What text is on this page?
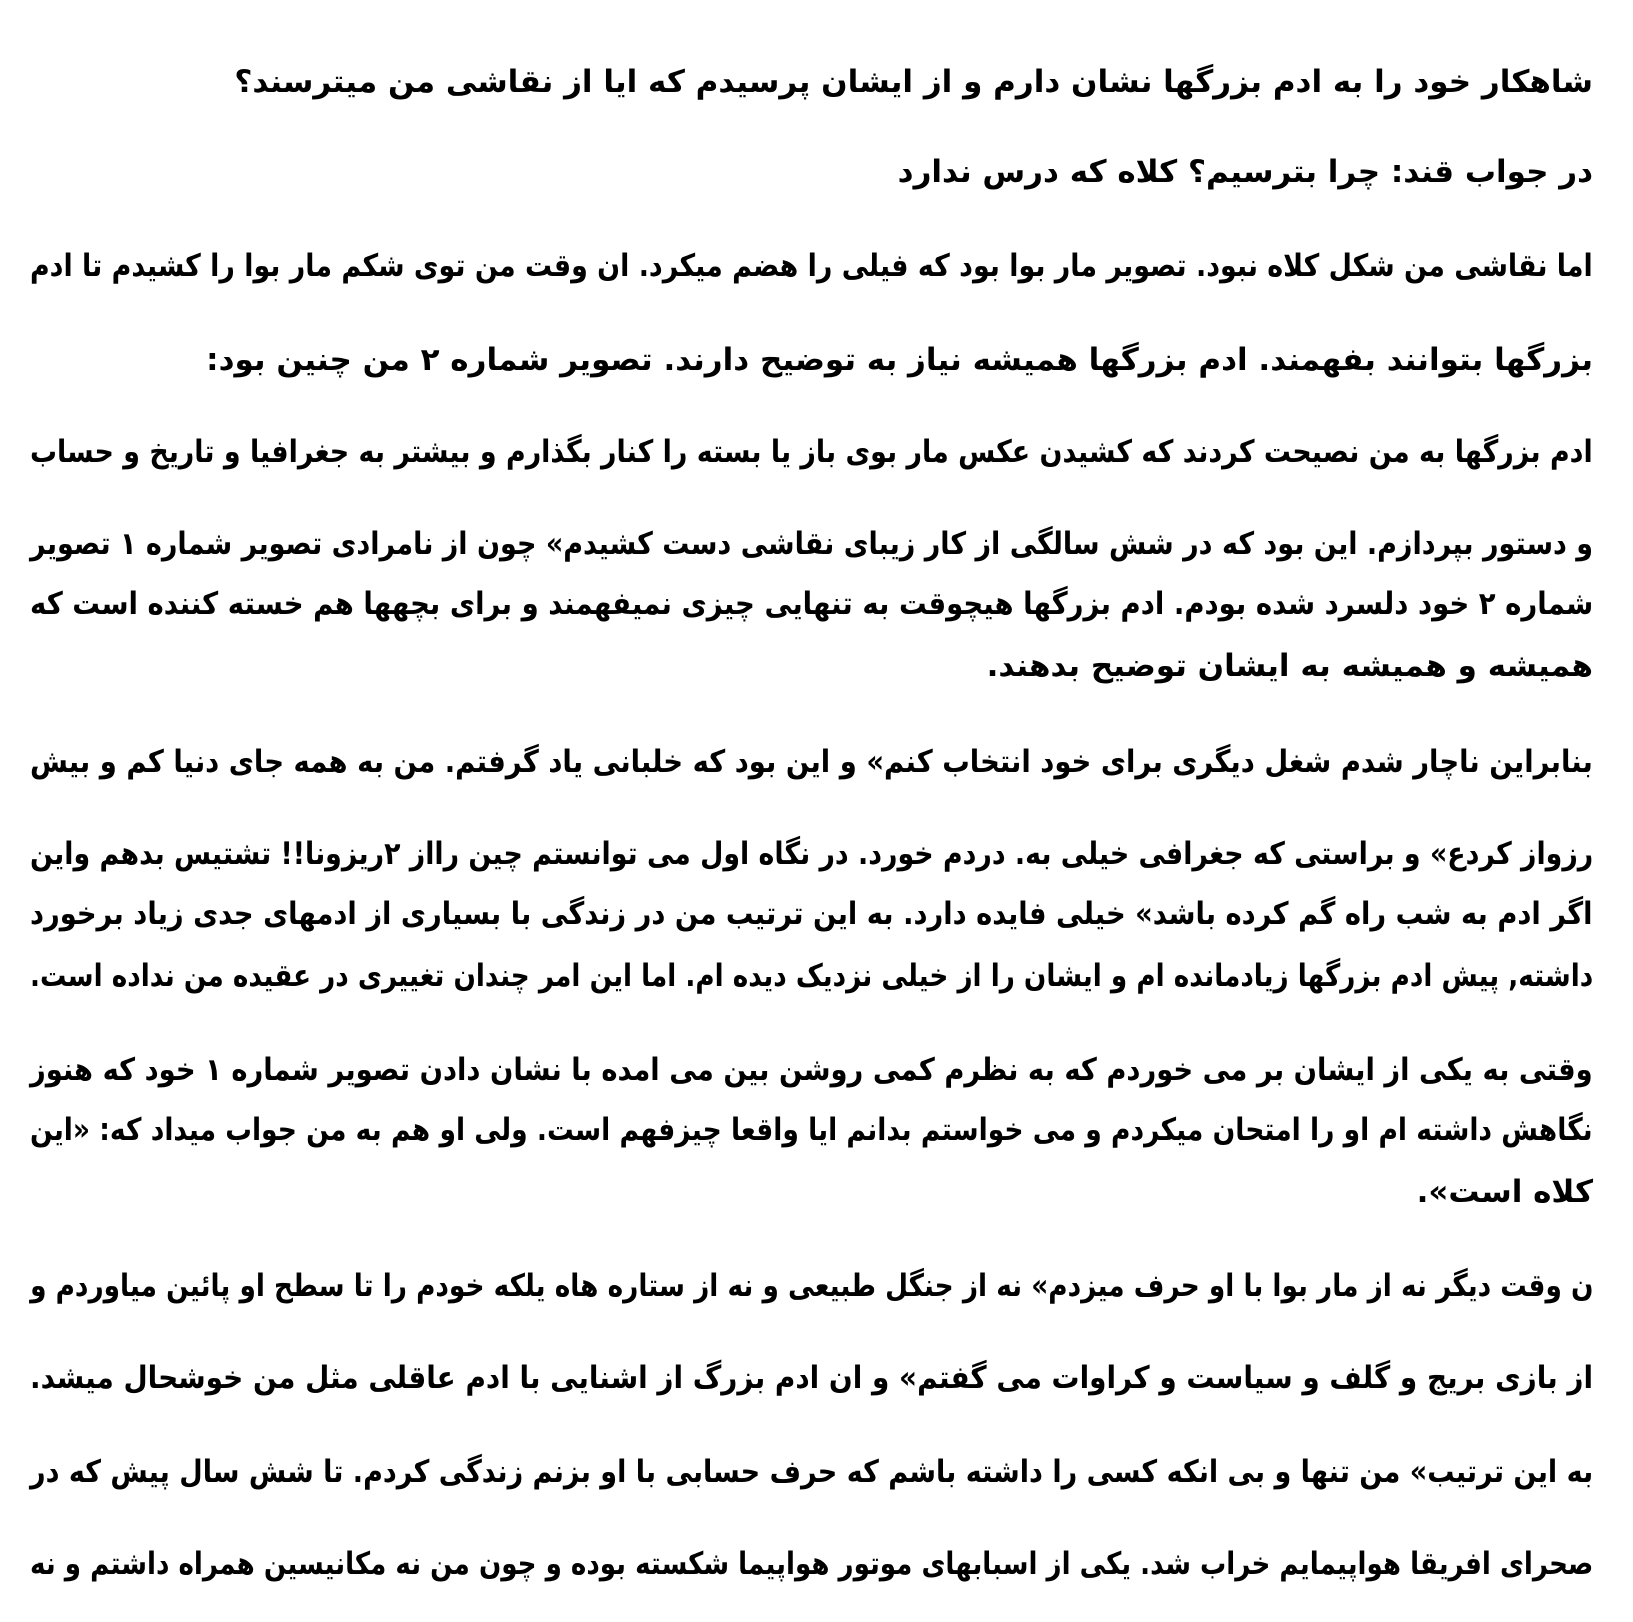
شاهکار خود را به ادم بزرگها نشان دارم و از ایشان پرسیدم که ایا از نقاشی من میترسند؟
در جواب قند: چرا بترسیم؟ کلاه که درس ندارد
اما نقاشی من شکل کلاه نبود. تصویر مار بوا بود که فیلی را هضم میکرد. ان وقت من توی شکم مار بوا را کشیدم تا ادم
بزرگها بتوانند بفهمند. ادم بزرگها همیشه نیاز به توضیح دارند. تصویر شماره ۲ من چنین بود:
ادم بزرگها به من نصیحت کردند که کشیدن عکس مار بوی باز یا بسته را کنار بگذارم و بیشتر به جغرافیا و تاریخ و حساب
و دستور بپردازم. این بود که در شش سالگی از کار زیبای نقاشی دست کشیدم» چون از نامرادی تصویر شماره ۱ تصویر
شماره ۲ خود دلسرد شده بودم. ادم بزرگها هیچوقت به تنهایی چیزی نمیفهمند و برای بچهها هم خسته کننده است که
همیشه و همیشه به ایشان توضیح بدهند.
بنابراین ناچار شدم شغل دیگری برای خود انتخاب کنم» و این بود که خلبانی یاد گرفتم. من به همه جای دنیا کم و بیش
رزواز کردع» و براستی که جغرافی خیلی به. دردم خورد. در نگاه اول می توانستم چین رااز ۲ریزونا!! تشتیس بدهم واین
اگر ادم به شب راه گم کرده باشد» خیلی فایده دارد. به این ترتیب من در زندگی با بسیاری از ادمهای جدی زیاد برخورد
داشته, پیش ادم بزرگها زیادمانده ام و ایشان را از خیلی نزدیک دیده ام. اما این امر چندان تغییری در عقیده من نداده است.
وقتی به یکی از ایشان بر می خوردم که به نظرم کمی روشن بین می امده با نشان دادن تصویر شماره ۱ خود که هنوز
نگاهش داشته ام او را امتحان میکردم و می خواستم بدانم ایا واقعا چیزفهم است. ولی او هم به من جواب میداد که: «این
کلاه است».
ن وقت دیگر نه از مار بوا با او حرف میزدم» نه از جنگل طبیعی و نه از ستاره هاه یلکه خودم را تا سطح او پائین میاوردم و
از بازی بریج و گلف و سیاست و کراوات می گفتم» و ان ادم بزرگ از اشنایی با ادم عاقلی مثل من خوشحال میشد.
به این ترتیب» من تنها و بی انکه کسی را داشته باشم که حرف حسابی با او بزنم زندگی کردم. تا شش سال پیش که در
صحرای افریقا هواپیمایم خراب شد. یکی از اسبابهای موتور هواپیما شکسته بوده و چون من نه مکانیسین همراه داشتم و نه
